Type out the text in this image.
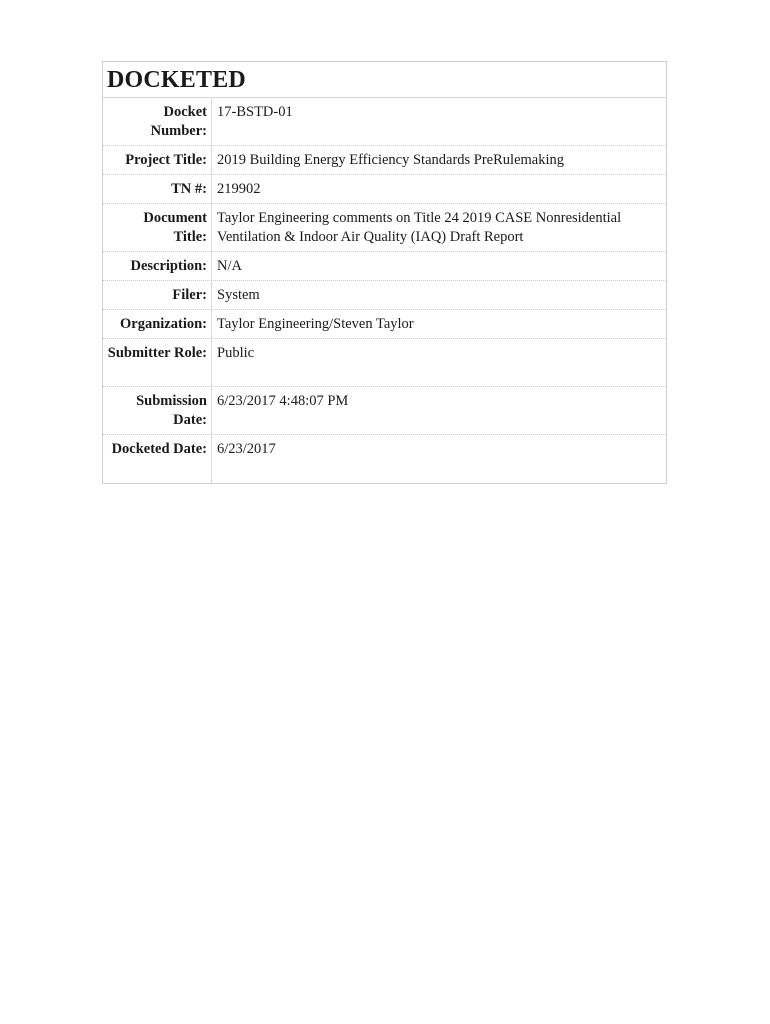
DOCKETED
Docket Number:
17-BSTD-01
Project Title: 2019 Building Energy Efficiency Standards PreRulemaking
TN #: 219902
Document Title:
Taylor Engineering comments on Title 24 2019 CASE Nonresidential Ventilation & Indoor Air Quality (IAQ) Draft Report
Description: N/A
Filer: System
Organization: Taylor Engineering/Steven Taylor
Submitter Role: Public
Submission Date:
6/23/2017 4:48:07 PM
Docketed Date: 6/23/2017
